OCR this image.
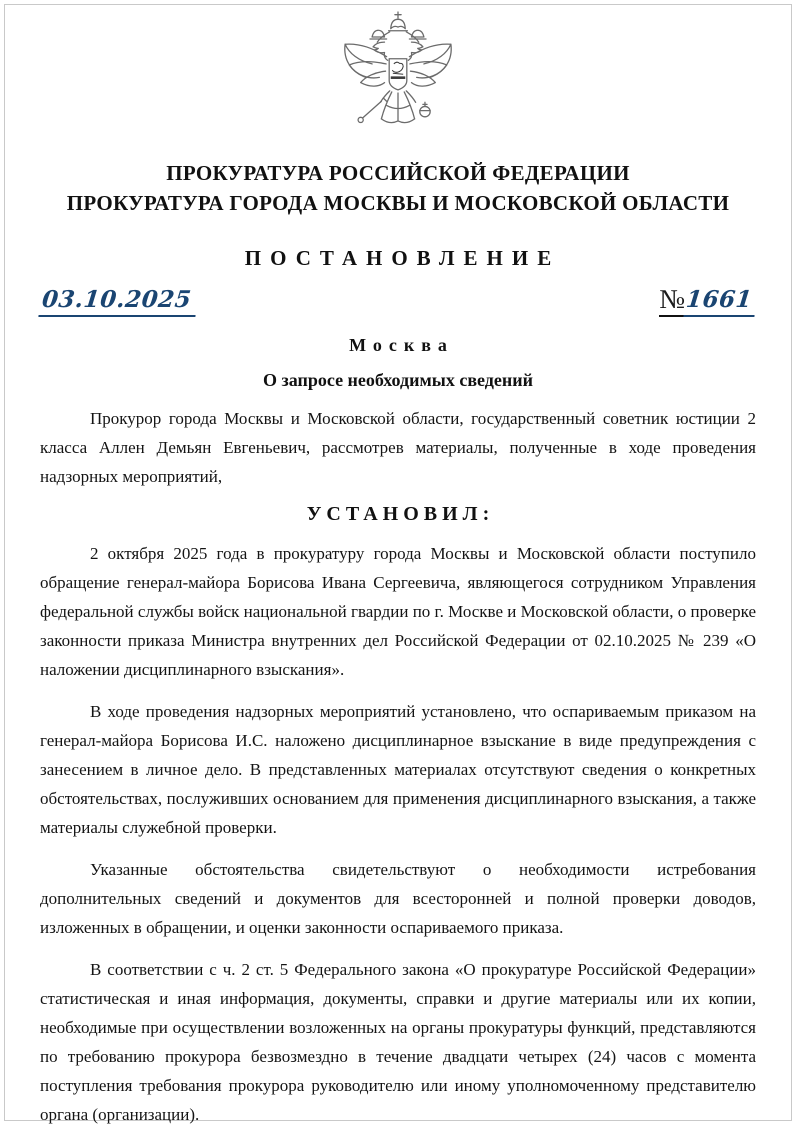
ПРОКУРАТУРА РОССИЙСКОЙ ФЕДЕРАЦИИ
ПРОКУРАТУРА ГОРОДА МОСКВЫ И МОСКОВСКОЙ ОБЛАСТИ
ПОСТАНОВЛЕНИЕ
03.10.2025	№ 1661
Москва
О запросе необходимых сведений

Прокурор города Москвы и Московской области, государственный советник юстиции 2 класса Аллен Демьян Евгеньевич, рассмотрев материалы, полученные в ходе проведения надзорных мероприятий,

УСТАНОВИЛ:

2 октября 2025 года в прокуратуру города Москвы и Московской области поступило обращение генерал-майора Борисова Ивана Сергеевича, являющегося сотрудником Управления федеральной службы войск национальной гвардии по г. Москве и Московской области, о проверке законности приказа Министра внутренних дел Российской Федерации от 02.10.2025 № 239 «О наложении дисциплинарного взыскания».

В ходе проведения надзорных мероприятий установлено, что оспариваемым приказом на генерал-майора Борисова И.С. наложено дисциплинарное взыскание в виде предупреждения с занесением в личное дело. В представленных материалах отсутствуют сведения о конкретных обстоятельствах, послуживших основанием для применения дисциплинарного взыскания, а также материалы служебной проверки.

Указанные обстоятельства свидетельствуют о необходимости истребования дополнительных сведений и документов для всесторонней и полной проверки доводов, изложенных в обращении, и оценки законности оспариваемого приказа.

В соответствии с ч. 2 ст. 5 Федерального закона «О прокуратуре Российской Федерации» статистическая и иная информация, документы, справки и другие материалы или их копии, необходимые при осуществлении возложенных на органы прокуратуры функций, представляются по требованию прокурора безвозмездно в течение двадцати четырех (24) часов с момента поступления требования прокурора руководителю или иному уполномоченному представителю органа (организации).
